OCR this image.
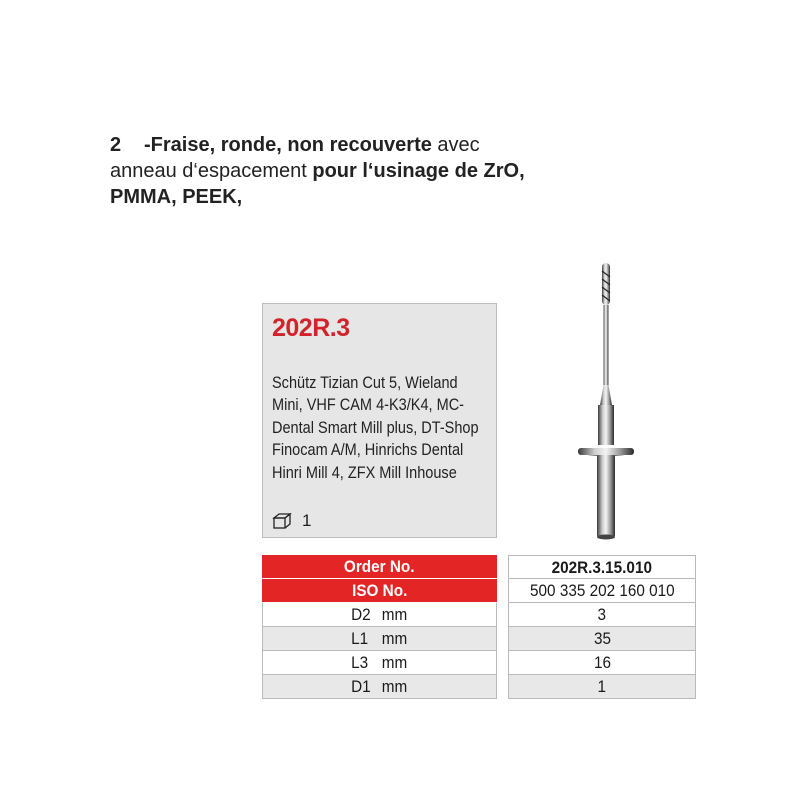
2 -Fraise, ronde, non recouverte avec anneau d‘espacement pour l‘usinage de ZrO, PMMA, PEEK,
202R.3
Schütz Tizian Cut 5, Wieland Mini, VHF CAM 4-K3/K4, MC-Dental Smart Mill plus, DT-Shop Finocam A/M, Hinrichs Dental Hinri Mill 4, ZFX Mill Inhouse
1
Order No.
ISO No.
D2 mm
L1 mm
L3 mm
D1 mm
202R.3.15.010
500 335 202 160 010
3
35
16
1
